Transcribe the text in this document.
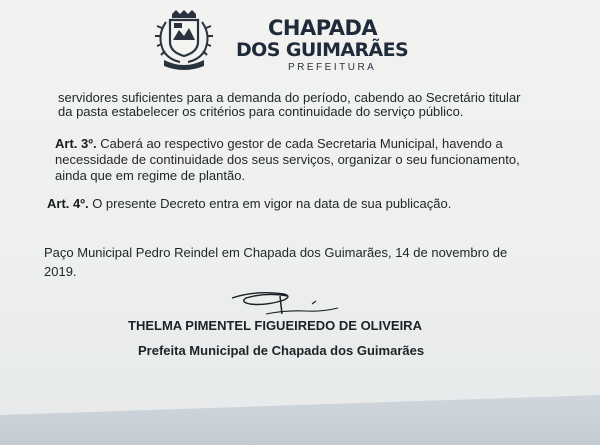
CHAPADA

DOS GUIMARÃES

PREFEITURA

servidores suficientes para a demanda do período, cabendo ao Secretário titular

da pasta estabelecer os critérios para continuidade do serviço público.

Art. 3º. Caberá ao respectivo gestor de cada Secretaria Municipal, havendo a

necessidade de continuidade dos seus serviços, organizar o seu funcionamento,

ainda que em regime de plantão.

Art. 4º. O presente Decreto entra em vigor na data de sua publicação.

Paço Municipal Pedro Reindel em Chapada dos Guimarães, 14 de novembro de

2019.

THELMA PIMENTEL FIGUEIREDO DE OLIVEIRA
Prefeita Municipal de Chapada dos Guimarães
